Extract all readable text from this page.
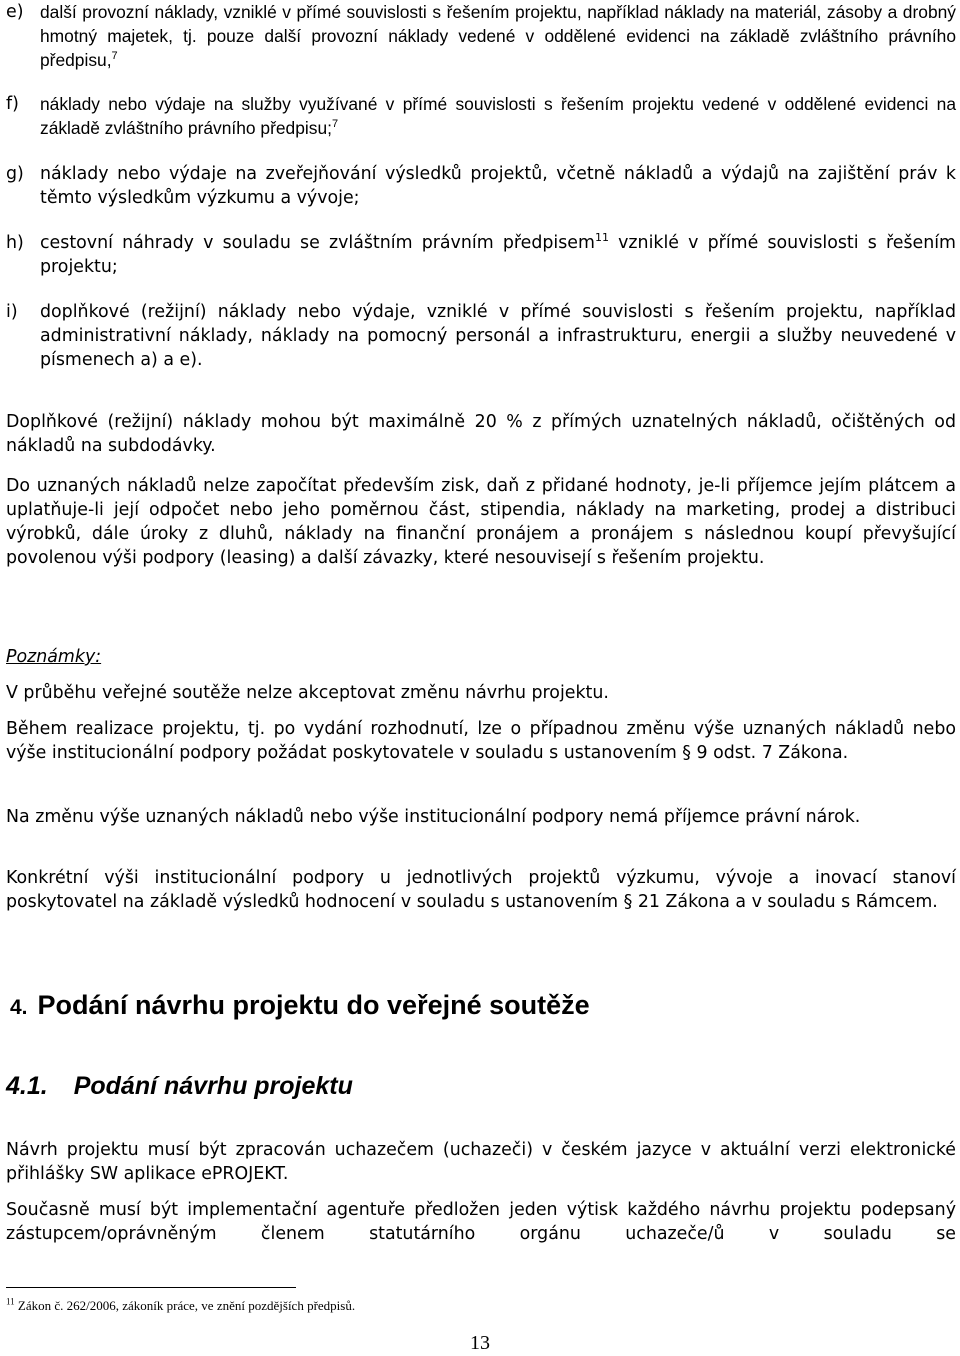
e) další provozní náklady, vzniklé v přímé souvislosti s řešením projektu, například náklady na materiál, zásoby a drobný hmotný majetek, tj. pouze další provozní náklady vedené v oddělené evidenci na základě zvláštního právního předpisu,$^7$
f) náklady nebo výdaje na služby využívané v přímé souvislosti s řešením projektu vedené v oddělené evidenci na základě zvláštního právního předpisu;$^7$
g) náklady nebo výdaje na zveřejňování výsledků projektů, včetně nákladů a výdajů na zajištění práv k těmto výsledkům výzkumu a vývoje;
h) cestovní náhrady v souladu se zvláštním právním předpisem$^{11}$ vzniklé v přímé souvislosti s řešením projektu;
i) doplňkové (režijní) náklady nebo výdaje, vzniklé v přímé souvislosti s řešením projektu, například administrativní náklady, náklady na pomocný personál a infrastrukturu, energii a služby neuvedené v písmenech a) a e).
Doplňkové (režijní) náklady mohou být maximálně 20 % z přímých uznatelných nákladů, očištěných od nákladů na subdodávky.
Do uznaných nákladů nelze započítat především zisk, daň z přidané hodnoty, je-li příjemce jejím plátcem a uplatňuje-li její odpočet nebo jeho poměrnou část, stipendia, náklady na marketing, prodej a distribuci výrobků, dále úroky z dluhů, náklady na finanční pronájem a pronájem s následnou koupí převyšující povolenou výši podpory (leasing) a další závazky, které nesouvisejí s řešením projektu.
Poznámky:
V průběhu veřejné soutěže nelze akceptovat změnu návrhu projektu.
Během realizace projektu, tj. po vydání rozhodnutí, lze o případnou změnu výše uznaných nákladů nebo výše institucionální podpory požádat poskytovatele v souladu s ustanovením § 9 odst. 7 Zákona.
Na změnu výše uznaných nákladů nebo výše institucionální podpory nemá příjemce právní nárok.
Konkrétní výši institucionální podpory u jednotlivých projektů výzkumu, vývoje a inovací stanoví poskytovatel na základě výsledků hodnocení v souladu s ustanovením § 21 Zákona a v souladu s Rámcem.
4. Podání návrhu projektu do veřejné soutěže
4.1. Podání návrhu projektu
Návrh projektu musí být zpracován uchazečem (uchazeči) v českém jazyce v aktuální verzi elektronické přihlášky SW aplikace ePROJEKT.
Současně musí být implementační agentuře předložen jeden výtisk každého návrhu projektu podepsaný zástupcem/oprávněným členem statutárního orgánu uchazeče/ů v souladu se
$^{11}$ Zákon č. 262/2006, zákoník práce, ve znění pozdějších předpisů.
13
